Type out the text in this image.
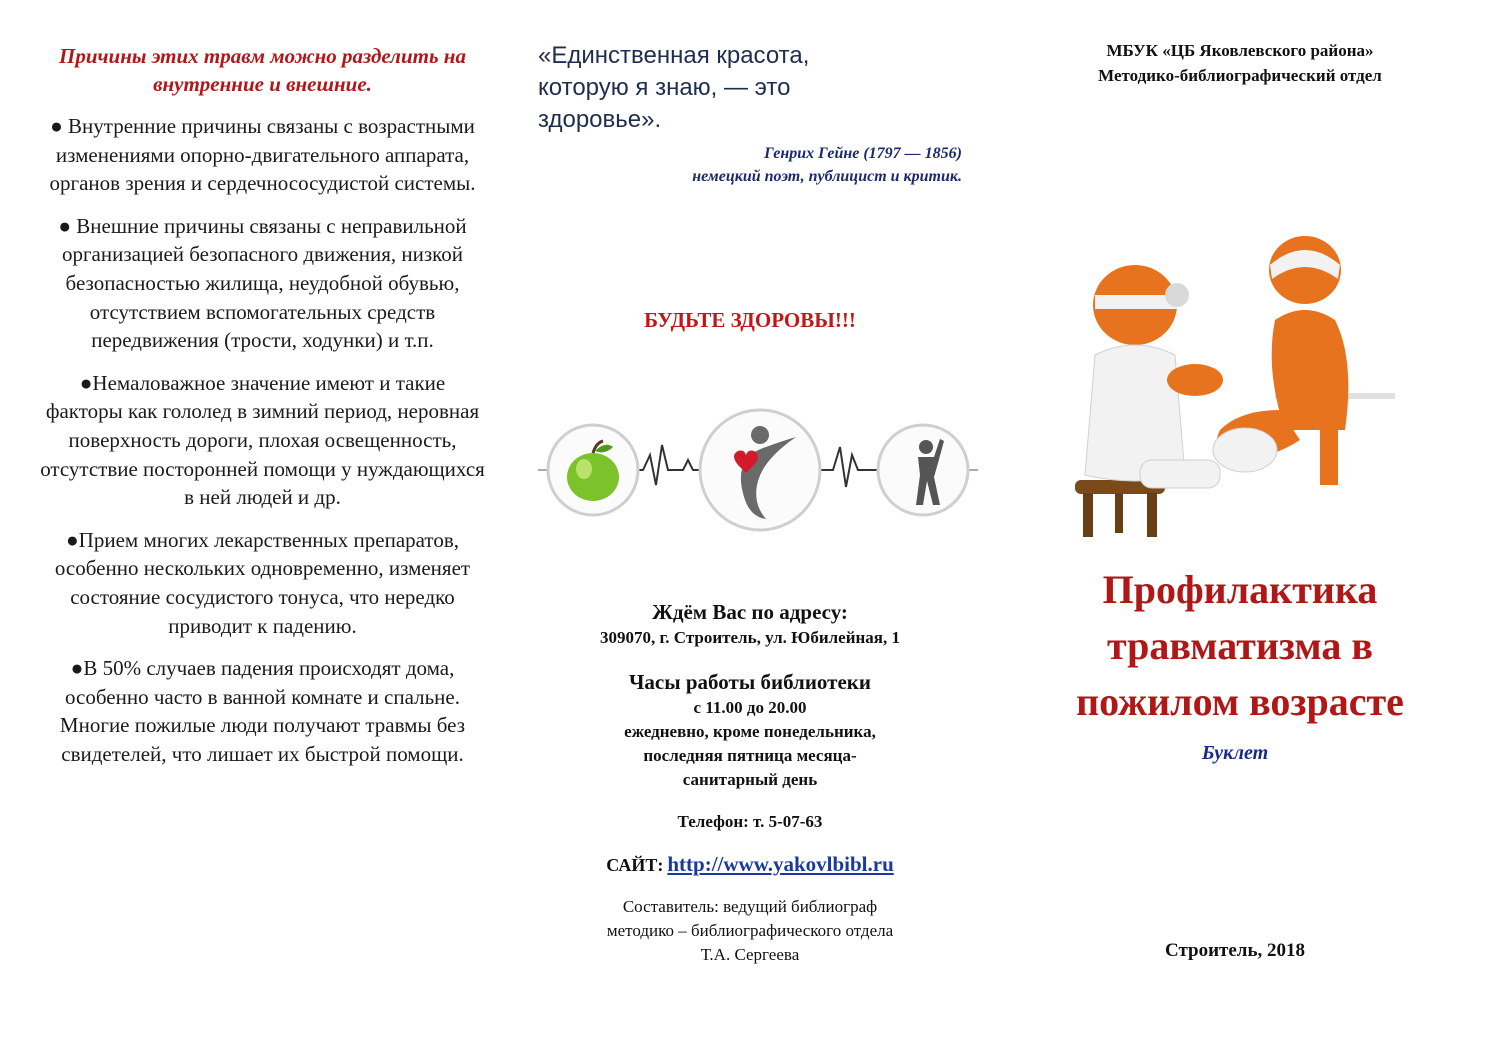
Причины этих травм можно разделить на внутренние и внешние.
● Внутренние причины связаны с возрастными изменениями опорно-двигательного аппарата, органов зрения и сердечнососудистой системы.
● Внешние причины связаны с неправильной организацией безопасного движения, низкой безопасностью жилища, неудобной обувью, отсутствием вспомогательных средств передвижения (трости, ходунки) и т.п.
●Немаловажное значение имеют и такие факторы как гололед в зимний период, неровная поверхность дороги, плохая освещенность, отсутствие посторонней помощи у нуждающихся в ней людей и др.
●Прием многих лекарственных препаратов, особенно нескольких одновременно, изменяет состояние сосудистого тонуса, что нередко приводит к падению.
●В 50% случаев падения происходят дома, особенно часто в ванной комнате и спальне. Многие пожилые люди получают травмы без свидетелей, что лишает их быстрой помощи.
«Единственная красота, которую я знаю, — это здоровье».
Генрих Гейне (1797 — 1856)
немецкий поэт, публицист и критик.
БУДЬТЕ ЗДОРОВЫ!!!
Ждём Вас по адресу:
309070, г. Строитель, ул. Юбилейная, 1
Часы работы библиотеки
с 11.00 до 20.00
ежедневно, кроме понедельника,
последняя пятница месяца-
санитарный день
Телефон: т. 5-07-63
САЙТ: http://www.yakovlbibl.ru
Составитель: ведущий библиограф
методико – библиографического отдела
Т.А. Сергеева
МБУК «ЦБ Яковлевского района»
Методико-библиографический отдел
Профилактика
травматизма в
пожилом возрасте
Буклет
Строитель, 2018
